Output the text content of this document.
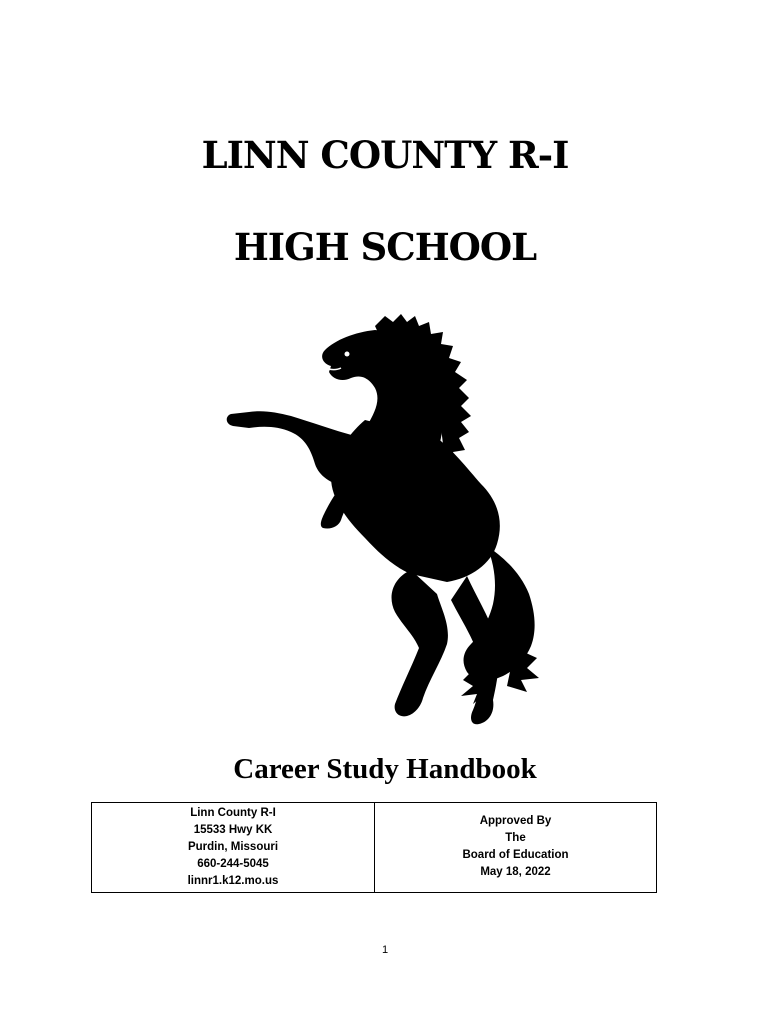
LINN COUNTY R-I
HIGH SCHOOL
Career Study Handbook
Linn County R-I
15533 Hwy KK
Purdin, Missouri
660-244-5045
linnr1.k12.mo.us
Approved By
The
Board of Education
May 18, 2022
1
